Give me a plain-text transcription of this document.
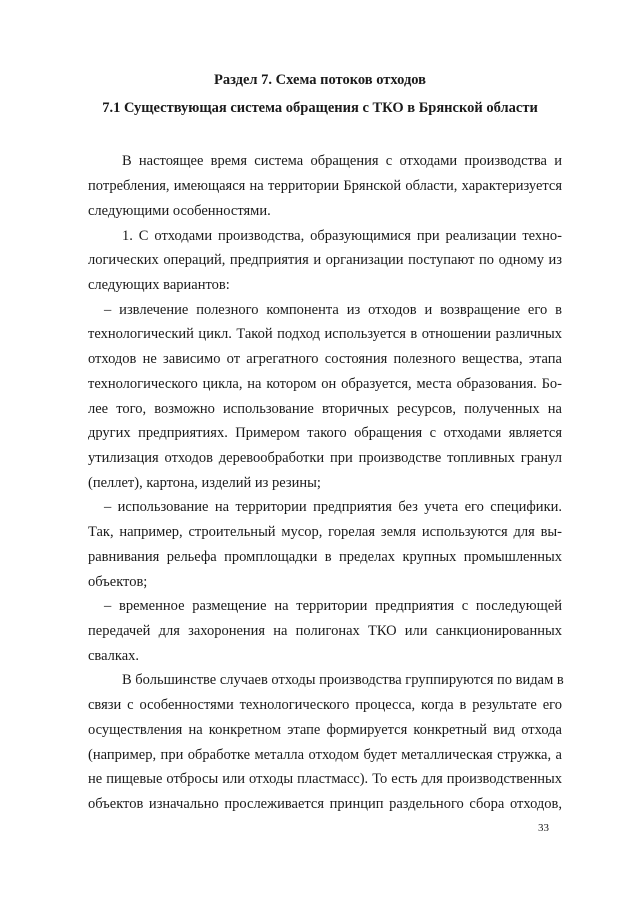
Раздел 7. Схема потоков отходов
7.1 Существующая система обращения с ТКО в Брянской области
В настоящее время система обращения с отходами производства и
потребления, имеющаяся на территории Брянской области, характеризуется
следующими особенностями.
1. С отходами производства, образующимися при реализации техно-
логических операций, предприятия и организации поступают по одному из
следующих вариантов:
– извлечение полезного компонента из отходов и возвращение его в
технологический цикл. Такой подход используется в отношении различных
отходов не зависимо от агрегатного состояния полезного вещества, этапа
технологического цикла, на котором он образуется, места образования. Бо-
лее того, возможно использование вторичных ресурсов, полученных на
других предприятиях. Примером такого обращения с отходами является
утилизация отходов деревообработки при производстве топливных гранул
(пеллет), картона, изделий из резины;
– использование на территории предприятия без учета его специфики.
Так, например, строительный мусор, горелая земля используются для вы-
равнивания рельефа промплощадки в пределах крупных промышленных
объектов;
– временное размещение на территории предприятия с последующей
передачей для захоронения на полигонах ТКО или санкционированных
свалках.
В большинстве случаев отходы производства группируются по видам в
связи с особенностями технологического процесса, когда в результате его
осуществления на конкретном этапе формируется конкретный вид отхода
(например, при обработке металла отходом будет металлическая стружка, а
не пищевые отбросы или отходы пластмасс). То есть для производственных
объектов изначально прослеживается принцип раздельного сбора отходов,
33
